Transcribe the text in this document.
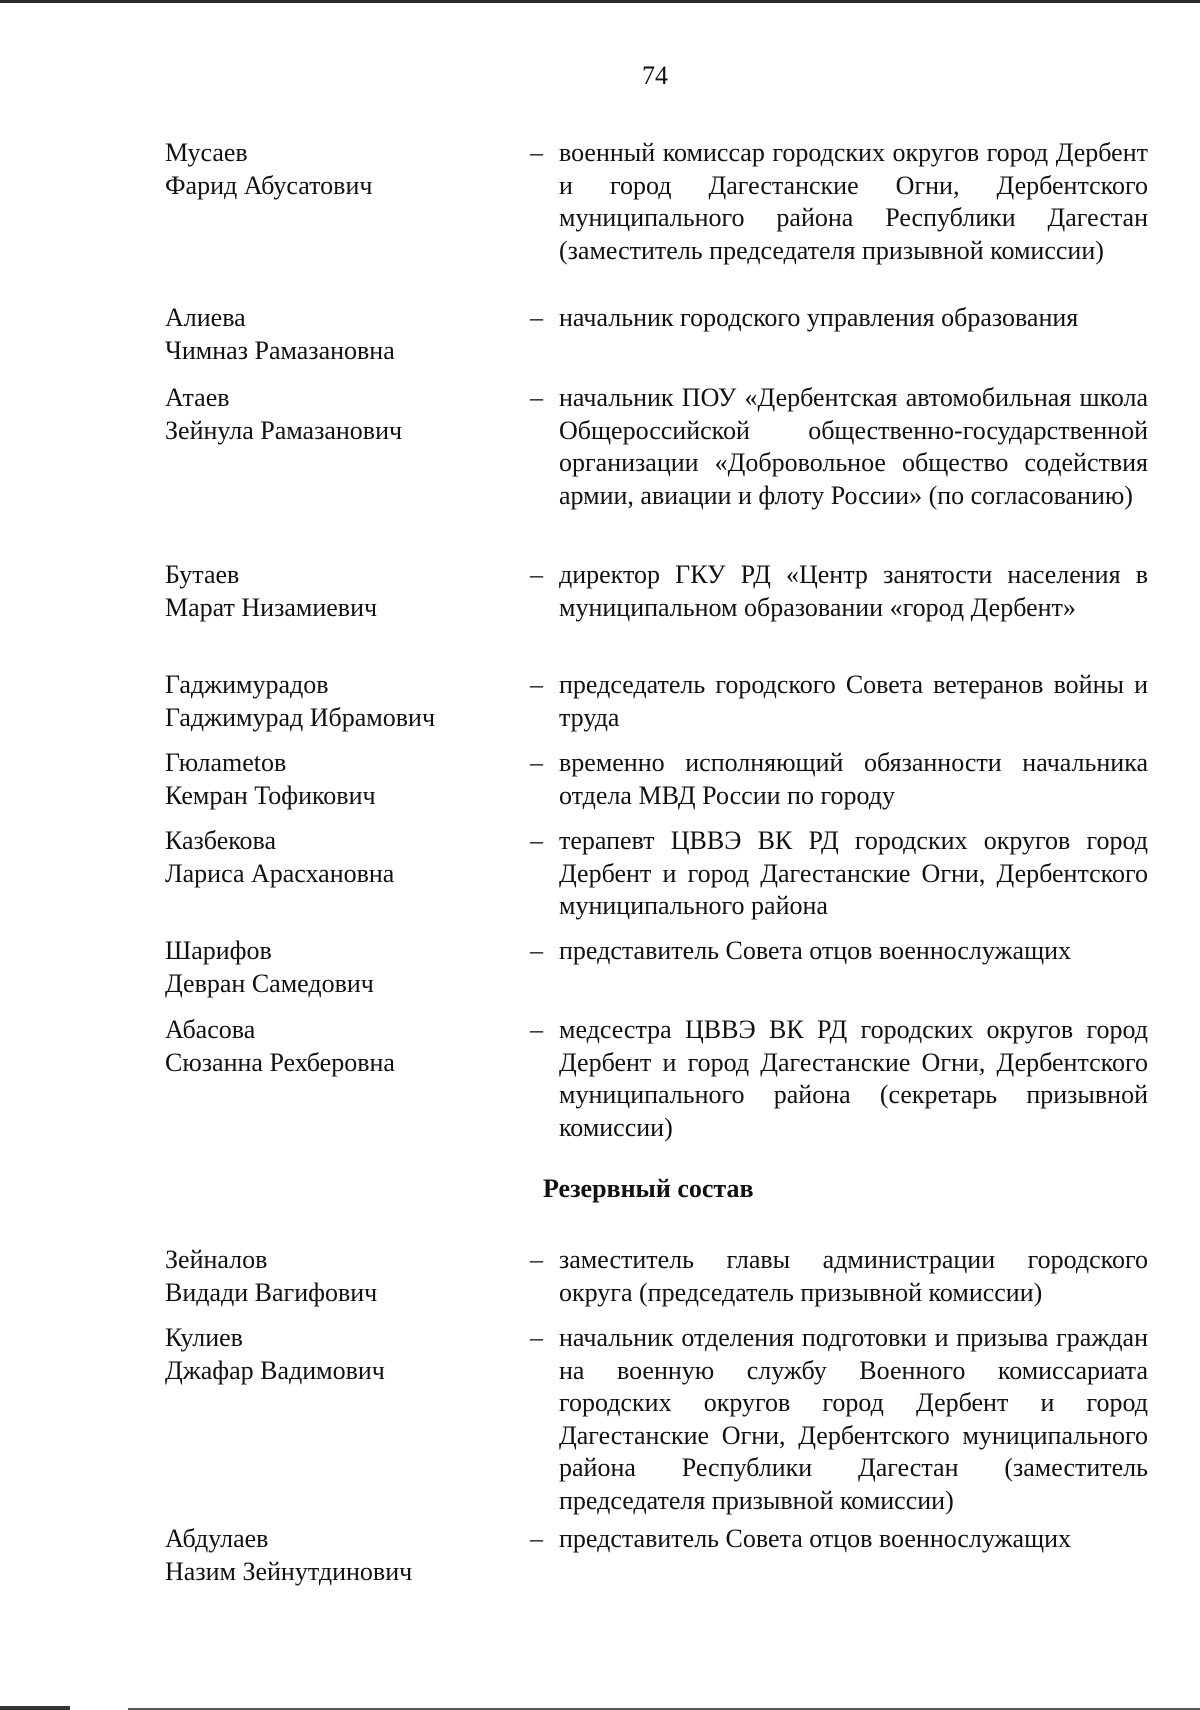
74
Мусаев
Фарид Абусатович
– военный комиссар городских округов город Дербент и город Дагестанские Огни, Дербентского муниципального района Республики Дагестан (заместитель председателя призывной комиссии)
Алиева
Чимназ Рамазановна
– начальник городского управления образования
Атаев
Зейнула Рамазанович
– начальник ПОУ «Дербентская автомобильная школа Общероссийской общественно-государственной организации «Добровольное общество содействия армии, авиации и флоту России» (по согласованию)
Бутаев
Марат Низамиевич
– директор ГКУ РД «Центр занятости населения в муниципальном образовании «город Дербент»
Гаджимурадов
Гаджимурад Ибрамович
– председатель городского Совета ветеранов войны и труда
Гюлametов
Кемран Тофикович
– временно исполняющий обязанности начальника отдела МВД России по городу
Казбекова
Лариса Арасхановна
– терапевт ЦВВЭ ВК РД городских округов город Дербент и город Дагестанские Огни, Дербентского муниципального района
Шарифов
Девран Самедович
– представитель Совета отцов военнослужащих
Абасова
Сюзанна Рехберовна
– медсестра ЦВВЭ ВК РД городских округов город Дербент и город Дагестанские Огни, Дербентского муниципального района (секретарь призывной комиссии)
Резервный состав
Зейналов
Видади Вагифович
– заместитель главы администрации городского округа (председатель призывной комиссии)
Кулиев
Джафар Вадимович
– начальник отделения подготовки и призыва граждан на военную службу Военного комиссариата городских округов город Дербент и город Дагестанские Огни, Дербентского муниципального района Республики Дагестан (заместитель председателя призывной комиссии)
Абдулаев
Назим Зейнутдинович
– представитель Совета отцов военнослужащих
